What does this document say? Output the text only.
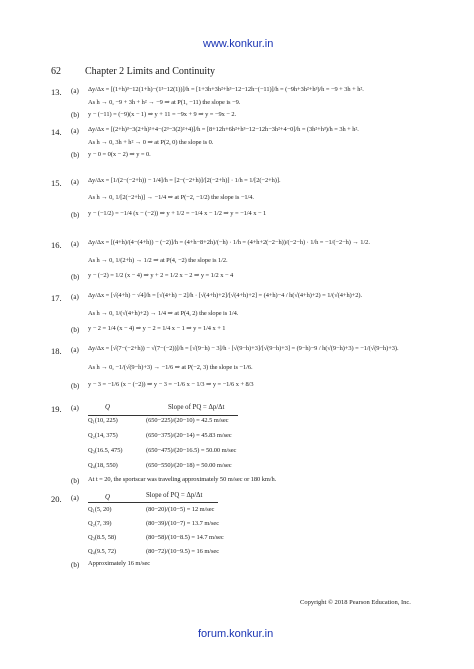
www.konkur.in
62 Chapter 2 Limits and Continuity
13. (a) Δy/Δx = [(1+h)³−12(1+h)−(1³−12(1))]/h = [1+3h+3h²+h³−12−12h−(−11)]/h = (−9h+3h²+h³)/h = −9 + 3h + h².
As h → 0, −9 + 3h + h² → −9 ⇒ at P(1, −11) the slope is −9.
(b) y − (−11) = (−9)(x − 1) ⇒ y + 11 = −9x + 9 ⇒ y = −9x − 2.
14. (a) Δy/Δx = [(2+h)³−3(2+h)²+4−(2³−3(2)²+4)]/h = [8+12h+6h²+h³−12−12h−3h²+4−0]/h = (3h²+h³)/h = 3h + h².
As h → 0, 3h + h² → 0 ⇒ at P(2, 0) the slope is 0.
(b) y − 0 = 0(x − 2) ⇒ y = 0.
15. (a) Δy/Δx = [1/(2−(−2+h)) − 1/4]/h = [2−(−2+h)]/[2(−2+h)] · 1/h = 1/[2(−2+h)].
As h → 0, 1/[2(−2+h)] → −1/4 ⇒ at P(−2, −1/2) the slope is −1/4.
(b) y − (−1/2) = −1/4 (x − (−2)) ⇒ y + 1/2 = −1/4 x − 1/2 ⇒ y = −1/4 x − 1
16. (a) Δy/Δx = [(4+h)/(4−(4+h)) − (−2)]/h = (4+h−8+2h)/(−h) · 1/h = (4+h+2(−2−h))/(−2−h) · 1/h = −1/(−2−h) → 1/2.
As h → 0, 1/(2+h) → 1/2 ⇒ at P(4, −2) the slope is 1/2.
(b) y − (−2) = 1/2 (x − 4) ⇒ y + 2 = 1/2 x − 2 ⇒ y = 1/2 x − 4
17. (a) Δy/Δx = [√(4+h) − √4]/h = [√(4+h) − 2]/h · [√(4+h)+2]/[√(4+h)+2] = (4+h)−4 / h(√(4+h)+2) = 1/(√(4+h)+2).
As h → 0, 1/(√(4+h)+2) → 1/4 ⇒ at P(4, 2) the slope is 1/4.
(b) y − 2 = 1/4 (x − 4) ⇒ y − 2 = 1/4 x − 1 ⇒ y = 1/4 x + 1
18. (a) Δy/Δx = [√(7−(−2+h)) − √(7−(−2))]/h = [√(9−h) − 3]/h · [√(9−h)+3]/[√(9−h)+3] = (9−h)−9 / h(√(9−h)+3) = −1/(√(9−h)+3).
As h → 0, −1/(√(9−h)+3) → −1/6 ⇒ at P(−2, 3) the slope is −1/6.
(b) y − 3 = −1/6 (x − (−2)) ⇒ y − 3 = −1/6 x − 1/3 ⇒ y = −1/6 x + 8/3
19. (a)	Q	Slope of PQ = Δp/Δt
Q₁(10, 225)	(650−225)/(20−10) = 42.5 m/sec
Q₂(14, 375)	(650−375)/(20−14) = 45.83 m/sec
Q₃(16.5, 475)	(650−475)/(20−16.5) = 50.00 m/sec
Q₄(18, 550)	(650−550)/(20−18) = 50.00 m/sec
(b) At t = 20, the sportscar was traveling approximately 50 m/sec or 180 km/h.
20. (a)	Q	Slope of PQ = Δp/Δt
Q₁(5, 20)	(80−20)/(10−5) = 12 m/sec
Q₂(7, 39)	(80−39)/(10−7) = 13.7 m/sec
Q₃(8.5, 58)	(80−58)/(10−8.5) = 14.7 m/sec
Q₄(9.5, 72)	(80−72)/(10−9.5) = 16 m/sec
(b) Approximately 16 m/sec
Copyright © 2018 Pearson Education, Inc.
forum.konkur.in
